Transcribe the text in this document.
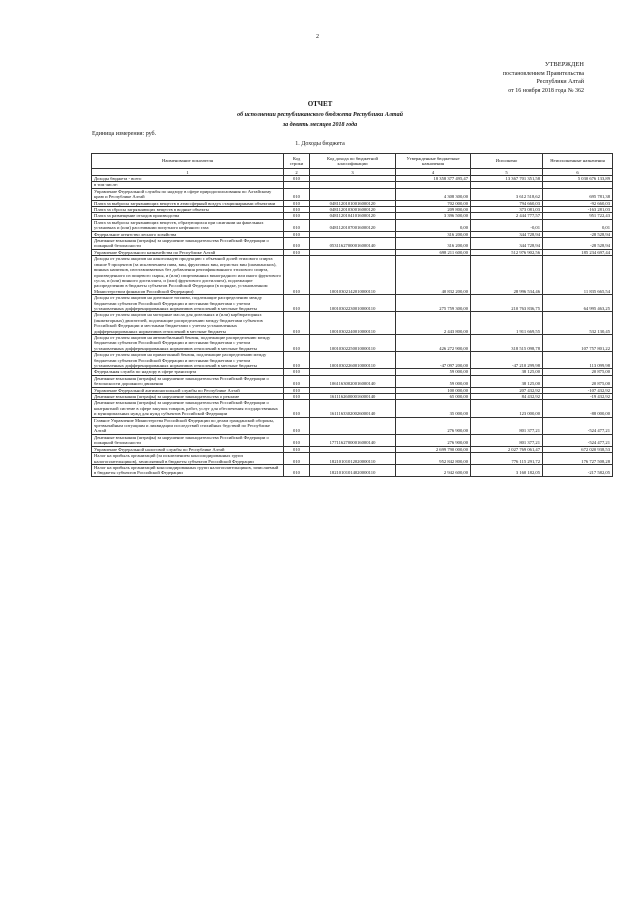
2
УТВЕРЖДЕН
постановлением Правительства
Республики Алтай
от 16 ноября 2018 года № 362
ОТЧЕТ
об исполнении республиканского бюджета Республики Алтай
за девять месяцев 2018 года
Единица измерения: руб.
1. Доходы бюджета
Наименование показателя	Код строки	Код дохода по бюджетной классификации	Утвержденные бюджетные назначения	Исполнено	Неисполненные назначения
1	2	3	4	5	6
Доходы бюджета - всего	010		18 358 377 495,47	13 367 701 351,58	5 030 676 133,89
в том числе:					
Управление Федеральной службы по надзору в сфере природопользования по Алтайскому краю и Республике Алтай	010		4 308 300,00	3 612 518,62	695 781,38
Плата за выбросы загрязняющих веществ в атмосферный воздух стационарными объектами	010	04811201010016000120	702 000,00	794 660,03	-92 660,03
Плата за сбросы загрязняющих веществ в водные объекты	010	04811201030016000120	209 800,00	373 081,03	-163 281,03
Плата за размещение отходов производства	010	04811201041016000120	3 396 500,00	2 444 777,57	951 722,43
Плата за выбросы загрязняющих веществ, образующихся при сжигании на факельных установках и (или) рассеивании попутного нефтяного газа	010	04811201070016000120	0,00	-0,01	0,01
Федеральное агентство лесного хозяйства	010		316 200,00	344 728,94	-28 528,94
Денежные взыскания (штрафы) за нарушение законодательства Российской Федерации о пожарной безопасности	010	05311627000016000140	316 200,00	344 728,94	-28 528,94
Управление Федерального казначейства по Республике Алтай	010		698 211 600,00	512 976 902,56	185 234 697,44
Доходы от уплаты акцизов на алкогольную продукцию с объемной долей этилового спирта свыше 9 процентов (за исключением пива, вин, фруктовых вин, игристых вин (шампанских), винных напитков, изготавливаемых без добавления ректификованного этилового спирта, произведенного из пищевого сырья, и (или) спиртованных виноградного или иного фруктового сусла, и (или) винного дистиллята, и (или) фруктового дистиллята), подлежащие распределению в бюджеты субъектов Российской Федерации (в порядке, установленном Министерством финансов Российской Федерации)	010	10010302142010000110	40 832 200,00	28 996 534,46	11 835 665,54
Доходы от уплаты акцизов на дизельное топливо, подлежащие распределению между бюджетами субъектов Российской Федерации и местными бюджетами с учетом установленных дифференцированных нормативов отчислений в местные бюджеты	010	10010302230010000110	275 759 300,00	210 763 836,75	64 995 463,25
Доходы от уплаты акцизов на моторные масла для дизельных и (или) карбюраторных (инжекторных) двигателей, подлежащие распределению между бюджетами субъектов Российской Федерации и местными бюджетами с учетом установленных дифференцированных нормативов отчислений в местные бюджеты	010	10010302240010000110	2 443 800,00	1 911 669,55	532 130,45
Доходы от уплаты акцизов на автомобильный бензин, подлежащие распределению между бюджетами субъектов Российской Федерации и местными бюджетами с учетом установленных дифференцированных нормативов отчислений в местные бюджеты	010	10010302250010000110	426 272 900,00	318 515 098,78	107 757 801,22
Доходы от уплаты акцизов на прямогонный бензин, подлежащие распределению между бюджетами субъектов Российской Федерации и местными бюджетами с учетом установленных дифференцированных нормативов отчислений в местные бюджеты	010	10010302260010000110	-47 097 200,00	-47 210 299,98	113 099,98
Федеральная служба по надзору в сфере транспорта	010		59 000,00	38 125,00	20 875,00
Денежные взыскания (штрафы) за нарушение законодательства Российской Федерации о безопасности дорожного движения	010	10611630020016000140	59 000,00	38 125,00	20 875,00
Управление Федеральной антимонопольной службы по Республике Алтай	010		100 000,00	207 432,92	-107 432,92
Денежные взыскания (штрафы) за нарушение законодательства о рекламе	010	16111626000016000140	65 000,00	84 432,92	-19 432,92
Денежные взыскания (штрафы) за нарушение законодательства Российской Федерации о контрактной системе в сфере закупок товаров, работ, услуг для обеспечения государственных и муниципальных нужд для нужд субъектов Российской Федерации	010	16111633020026000140	35 000,00	123 000,00	-88 000,00
Главное Управление Министерства Российской Федерации по делам гражданской обороны, чрезвычайным ситуациям и ликвидации последствий стихийных бедствий по Республике Алтай	010		276 900,00	801 377,21	-524 477,21
Денежные взыскания (штрафы) за нарушение законодательства Российской Федерации о пожарной безопасности	010	17711627000016000140	276 900,00	801 377,21	-524 477,21
Управление Федеральной налоговой службы по Республике Алтай	010		2 699 790 000,00	2 027 769 061,47	672 020 938,53
Налог на прибыль организаций (за исключением консолидированных групп налогоплательщиков), зачисляемый в бюджеты субъектов Российской Федерации	010	18210101012020000110	952 842 800,00	776 115 291,72	176 727 508,28
Налог на прибыль организаций консолидированных групп налогоплательщиков, зачисляемый в бюджеты субъектов Российской Федерации	010	18210101014020000110	2 942 600,00	3 160 182,05	-217 582,05
